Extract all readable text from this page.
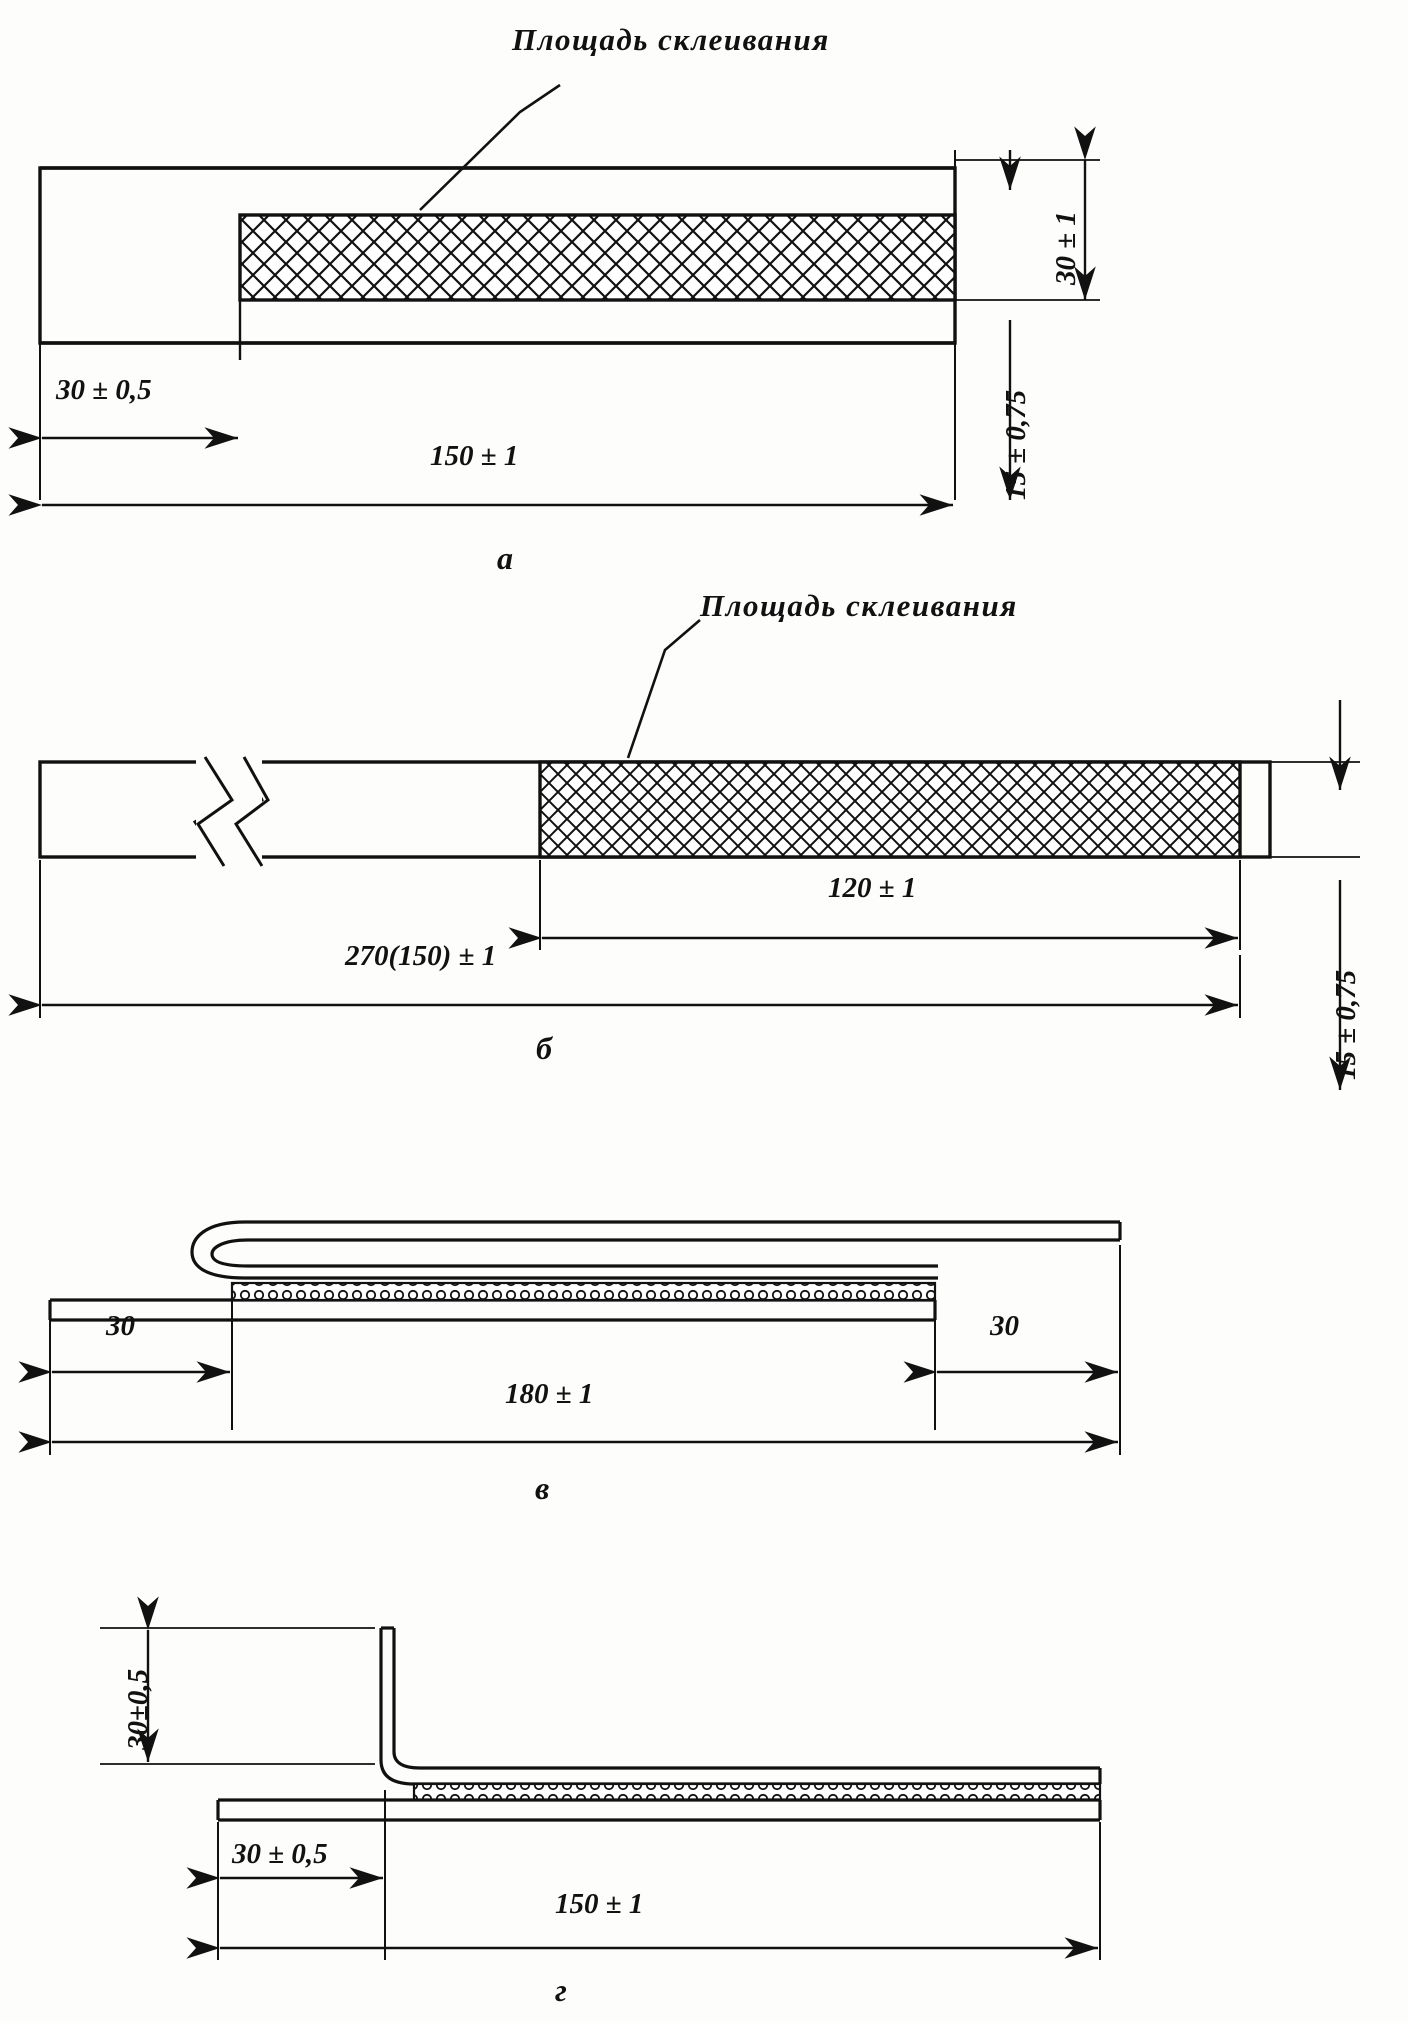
Площадь склеивания
30 ± 0,5
150 ± 1
30 ± 1
15 ± 0,75
а
Площадь склеивания
120 ± 1
270(150) ± 1
15 ± 0,75
б
30	30
180 ± 1
в
30±0,5
30 ± 0,5
150 ± 1
г
